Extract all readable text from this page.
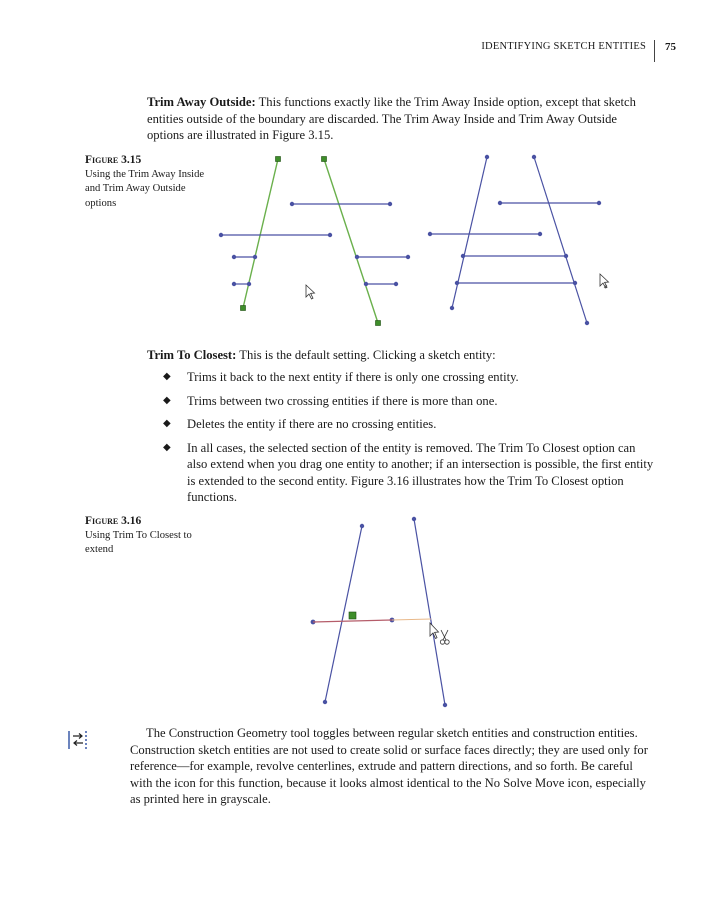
IDENTIFYING SKETCH ENTITIES	75

Trim Away Outside: This functions exactly like the Trim Away Inside option, except that sketch entities outside of the boundary are discarded. The Trim Away Inside and Trim Away Outside options are illustrated in Figure 3.15.

Figure 3.15
Using the Trim Away Inside and Trim Away Outside options

Trim To Closest: This is the default setting. Clicking a sketch entity:

◆ Trims it back to the next entity if there is only one crossing entity.
◆ Trims between two crossing entities if there is more than one.
◆ Deletes the entity if there are no crossing entities.
◆ In all cases, the selected section of the entity is removed. The Trim To Closest option can also extend when you drag one entity to another; if an intersection is possible, the first entity is extended to the second entity. Figure 3.16 illustrates how the Trim To Closest option functions.
Figure 3.16
Using Trim To Closest to extend

The Construction Geometry tool toggles between regular sketch entities and construction entities. Construction sketch entities are not used to create solid or surface faces directly; they are used only for reference—for example, revolve centerlines, extrude and pattern directions, and so forth. Be careful with the icon for this function, because it looks almost identical to the No Solve Move icon, especially as printed here in grayscale.
